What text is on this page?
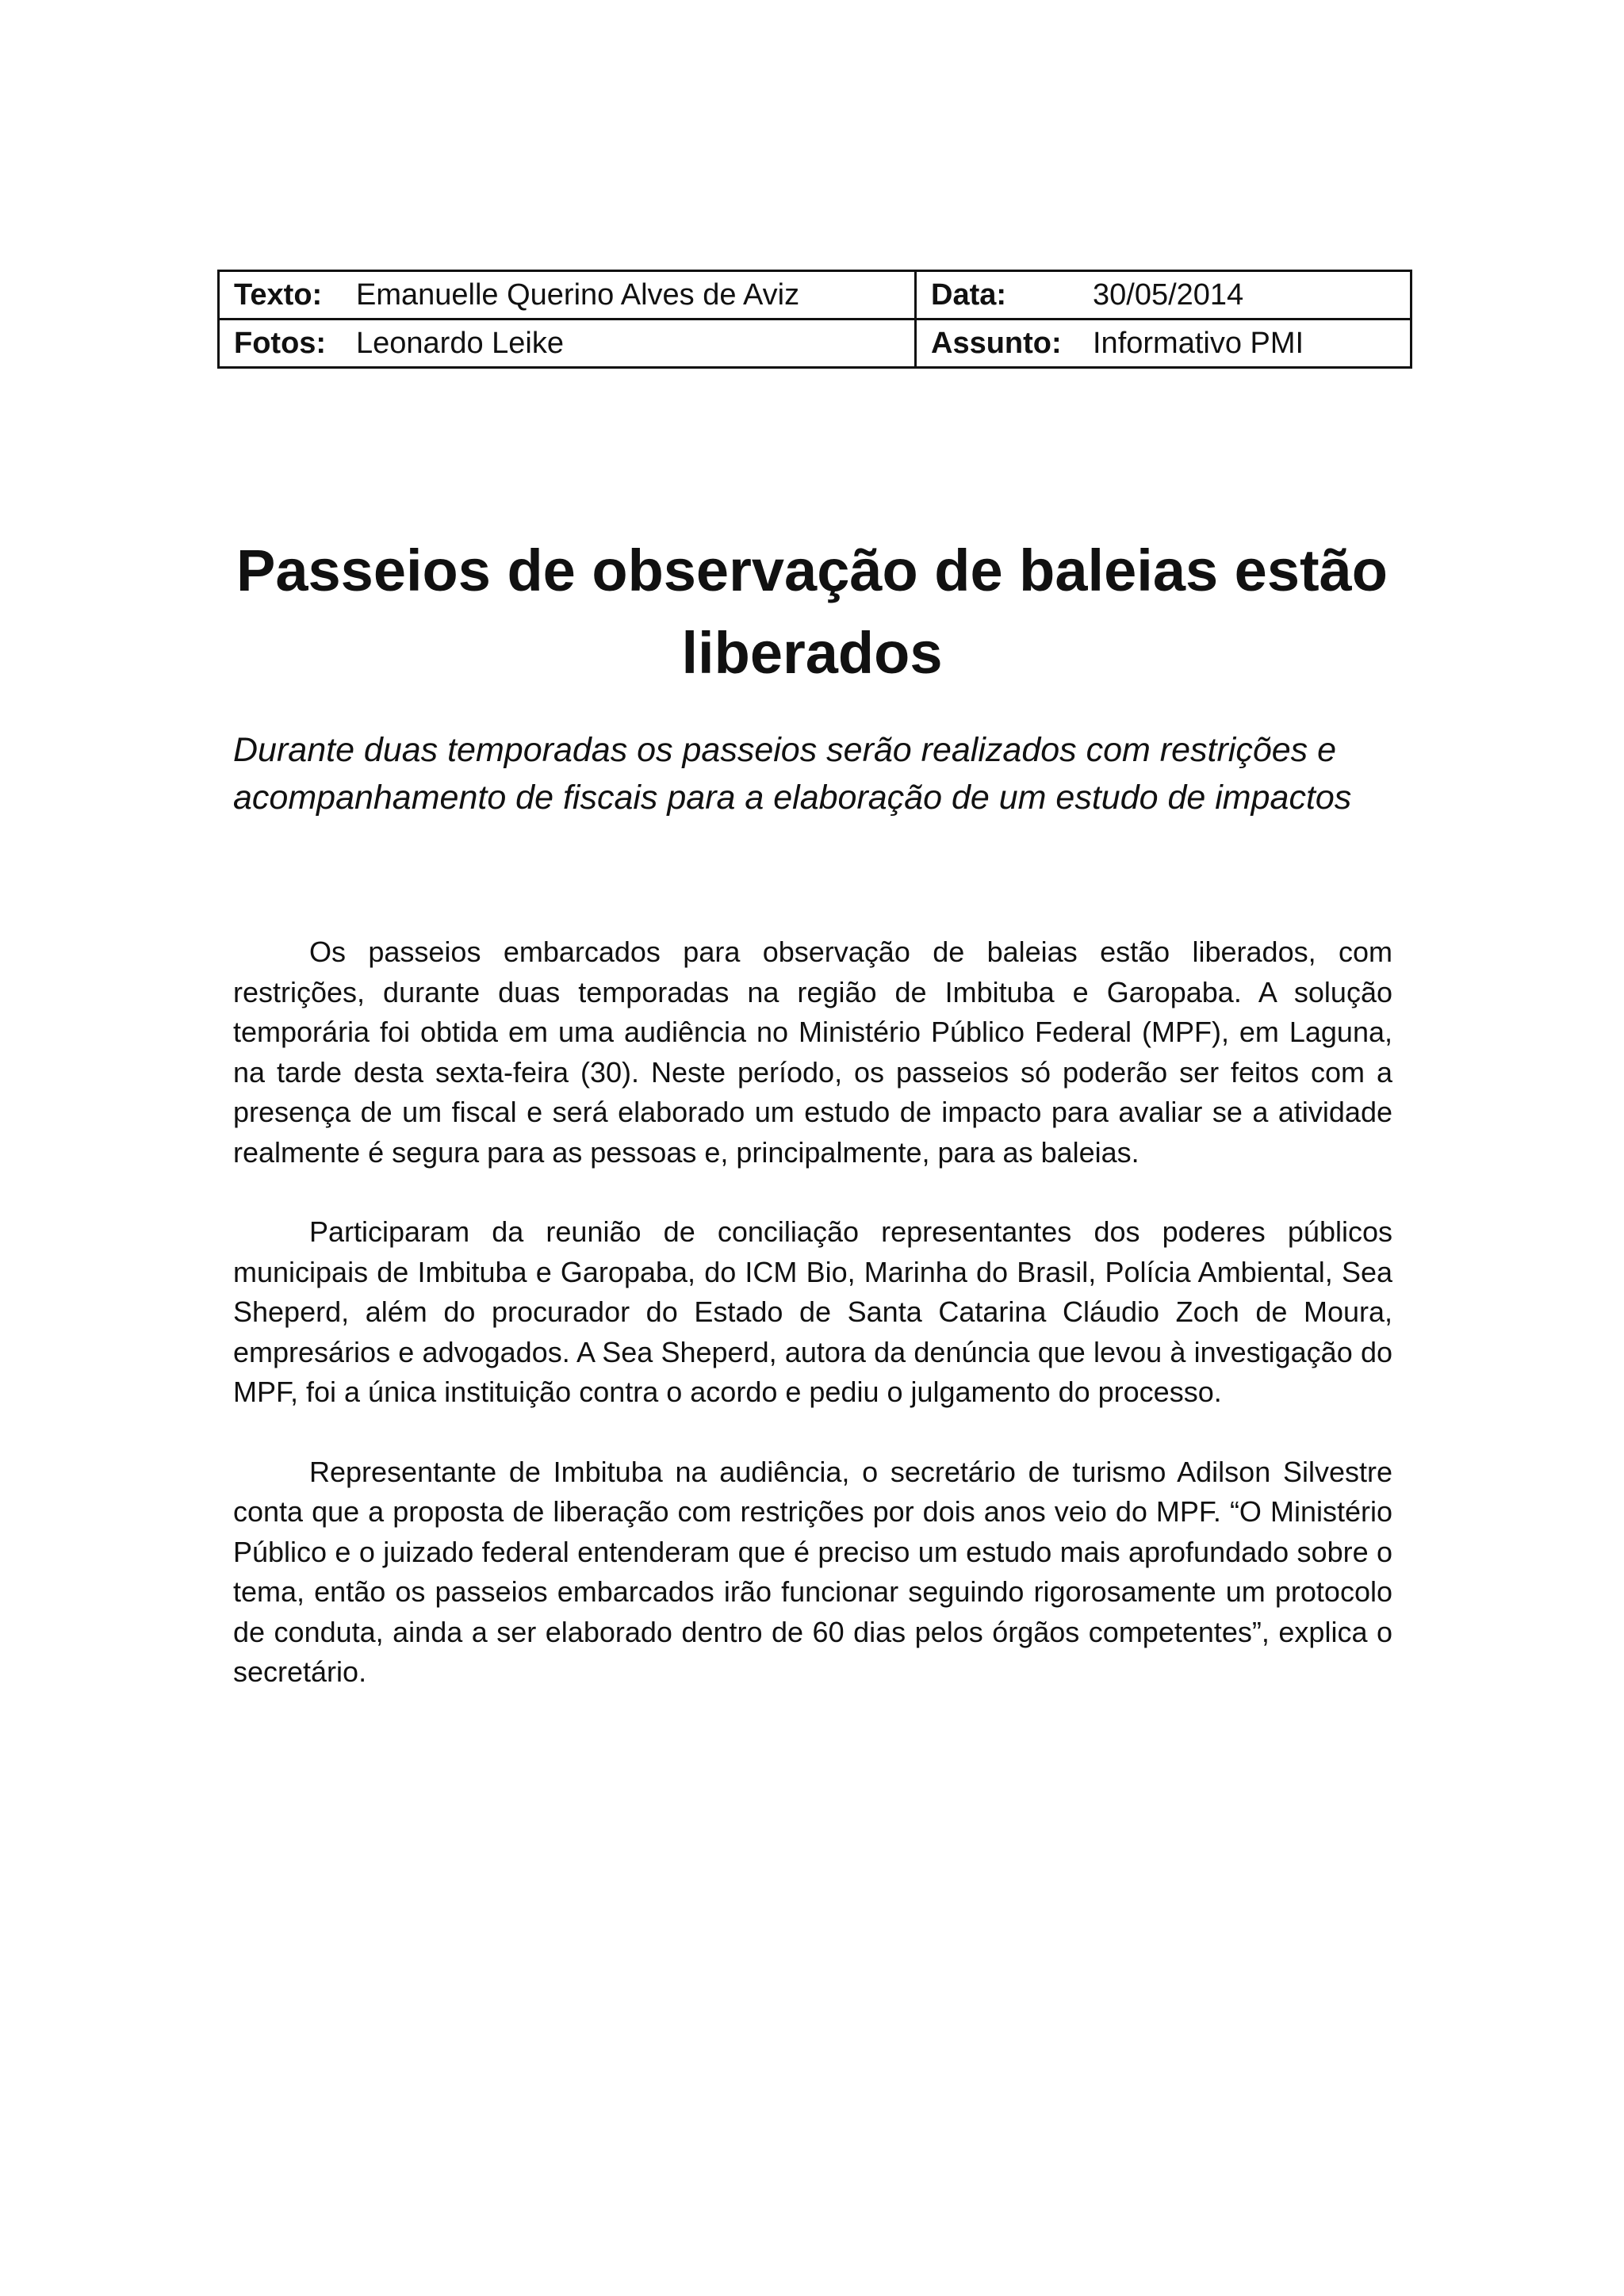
Texto: Emanuelle Querino Alves de Aviz	Data: 30/05/2014

Fotos: Leonardo Leike	Assunto: Informativo PMI
Passeios de observação de baleias estão liberados

Durante duas temporadas os passeios serão realizados com restrições e acompanhamento de fiscais para a elaboração de um estudo de impactos

Os passeios embarcados para observação de baleias estão liberados, com restrições, durante duas temporadas na região de Imbituba e Garopaba. A solução temporária foi obtida em uma audiência no Ministério Público Federal (MPF), em Laguna, na tarde desta sexta-feira (30). Neste período, os passeios só poderão ser feitos com a presença de um fiscal e será elaborado um estudo de impacto para avaliar se a atividade realmente é segura para as pessoas e, principalmente, para as baleias.

Participaram da reunião de conciliação representantes dos poderes públicos municipais de Imbituba e Garopaba, do ICM Bio, Marinha do Brasil, Polícia Ambiental, Sea Sheperd, além do procurador do Estado de Santa Catarina Cláudio Zoch de Moura, empresários e advogados. A Sea Sheperd, autora da denúncia que levou à investigação do MPF, foi a única instituição contra o acordo e pediu o julgamento do processo.

Representante de Imbituba na audiência, o secretário de turismo Adilson Silvestre conta que a proposta de liberação com restrições por dois anos veio do MPF. “O Ministério Público e o juizado federal entenderam que é preciso um estudo mais aprofundado sobre o tema, então os passeios embarcados irão funcionar seguindo rigorosamente um protocolo de conduta, ainda a ser elaborado dentro de 60 dias pelos órgãos competentes”, explica o secretário.
